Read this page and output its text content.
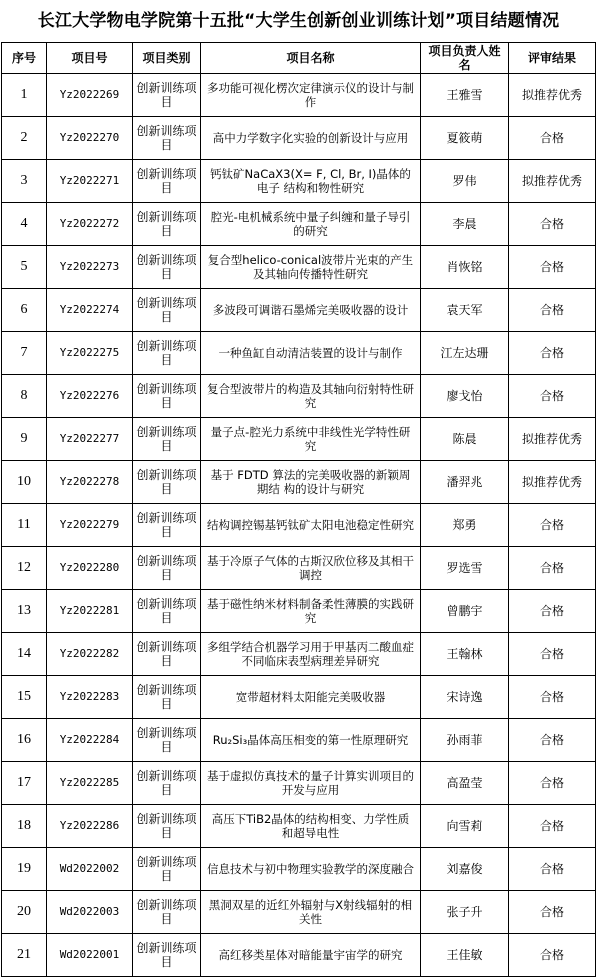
长江大学物电学院第十五批“大学生创新创业训练计划”项目结题情况
序号	项目号	项目类别	项目名称	项目负责人姓名	评审结果
1	Yz2022269	创新训练项目	多功能可视化楞次定律演示仪的设计与制作	王雅雪	拟推荐优秀
2	Yz2022270	创新训练项目	高中力学数字化实验的创新设计与应用	夏筱萌	合格
3	Yz2022271	创新训练项目	钙钛矿NaCaX3(X= F, Cl, Br, I)晶体的电子 结构和物性研究	罗伟	拟推荐优秀
4	Yz2022272	创新训练项目	腔光-电机械系统中量子纠缠和量子导引的研究	李晨	合格
5	Yz2022273	创新训练项目	复合型helico-conical波带片光束的产生及其轴向传播特性研究	肖恢铭	合格
6	Yz2022274	创新训练项目	多波段可调谐石墨烯完美吸收器的设计	袁天军	合格
7	Yz2022275	创新训练项目	一种鱼缸自动清洁装置的设计与制作	江左达珊	合格
8	Yz2022276	创新训练项目	复合型波带片的构造及其轴向衍射特性研究	廖戈怡	合格
9	Yz2022277	创新训练项目	量子点-腔光力系统中非线性光学特性研究	陈晨	拟推荐优秀
10	Yz2022278	创新训练项目	基于 FDTD 算法的完美吸收器的新颖周期结 构的设计与研究	潘羿兆	拟推荐优秀
11	Yz2022279	创新训练项目	结构调控锡基钙钛矿太阳电池稳定性研究	郑勇	合格
12	Yz2022280	创新训练项目	基于冷原子气体的古斯汉欣位移及其相干调控	罗选雪	合格
13	Yz2022281	创新训练项目	基于磁性纳米材料制备柔性薄膜的实践研究	曾鹏宇	合格
14	Yz2022282	创新训练项目	多组学结合机器学习用于甲基丙二酸血症不同临床表型病理差异研究	王翰林	合格
15	Yz2022283	创新训练项目	宽带超材料太阳能完美吸收器	宋诗逸	合格
16	Yz2022284	创新训练项目	Ru₂Si₃晶体高压相变的第一性原理研究	孙雨菲	合格
17	Yz2022285	创新训练项目	基于虚拟仿真技术的量子计算实训项目的开发与应用	高盈莹	合格
18	Yz2022286	创新训练项目	高压下TiB2晶体的结构相变、力学性质和超导电性	向雪莉	合格
19	Wd2022002	创新训练项目	信息技术与初中物理实验教学的深度融合	刘嘉俊	合格
20	Wd2022003	创新训练项目	黑洞双星的近红外辐射与X射线辐射的相关性	张子升	合格
21	Wd2022001	创新训练项目	高红移类星体对暗能量宇宙学的研究	王佳敏	合格
